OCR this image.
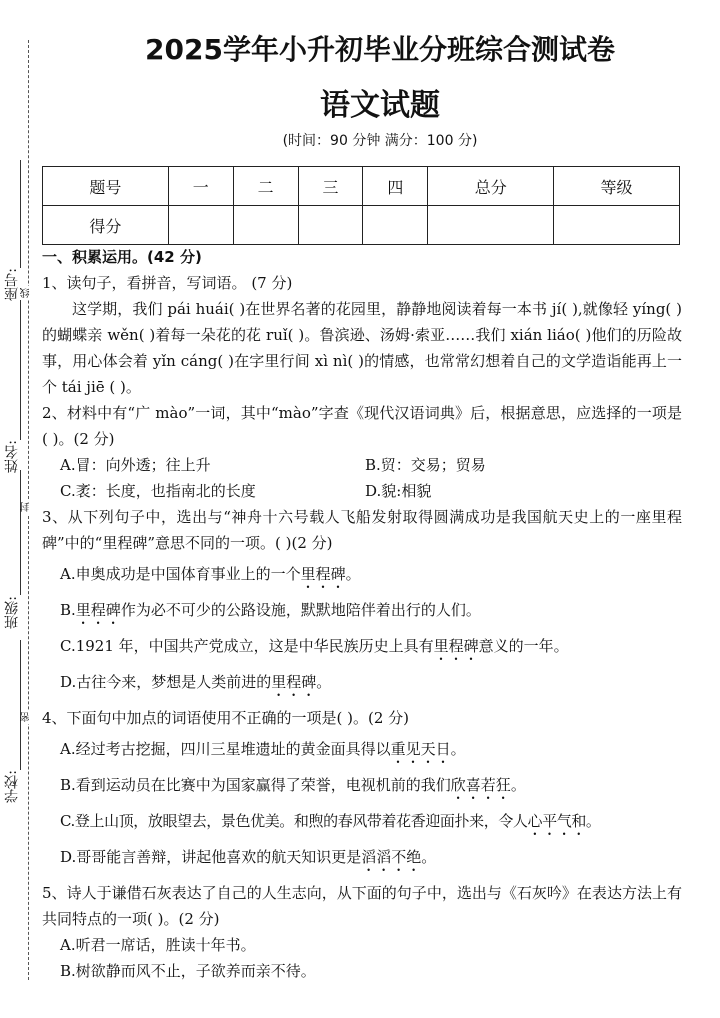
学校:
班级:
姓名:
座号:
密
封
线
2025学年小升初毕业分班综合测试卷
语文试题
(时间：90 分钟 满分：100 分)
题号	一	二	三	四	总分	等级
得分						

一、积累运用。(42 分)

1、读句子，看拼音，写词语。 (7 分)

这学期，我们 pái huái( )在世界名著的花园里，静静地阅读着每一本书 jí( ),就像轻 yíng( )的蝴蝶亲 wěn( )着每一朵花的花 ruǐ( )。鲁滨逊、汤姆·索亚……我们 xián liáo( )他们的历险故事，用心体会着 yǐn cáng( )在字里行间 xì nì( )的情感，也常常幻想着自己的文学造诣能再上一个 tái jiē ( )。

2、材料中有“广 mào”一词，其中“mào”字查《现代汉语词典》后，根据意思，应选择的一项是( )。(2 分)

A.冒：向外透；往上升	B.贸：交易；贸易
C.袤：长度，也指南北的长度	D.貌:相貌

3、从下列句子中，选出与“神舟十六号载人飞船发射取得圆满成功是我国航天史上的一座里程碑”中的“里程碑”意思不同的一项。( )(2 分)

A.申奥成功是中国体育事业上的一个里程碑。

B.里程碑作为必不可少的公路设施，默默地陪伴着出行的人们。

C.1921 年，中国共产党成立，这是中华民族历史上具有里程碑意义的一年。

D.古往今来，梦想是人类前进的里程碑。

4、下面句中加点的词语使用不正确的一项是( )。(2 分)

A.经过考古挖掘，四川三星堆遗址的黄金面具得以重见天日。

B.看到运动员在比赛中为国家赢得了荣誉，电视机前的我们欣喜若狂。

C.登上山顶，放眼望去，景色优美。和煦的春风带着花香迎面扑来，令人心平气和。

D.哥哥能言善辩，讲起他喜欢的航天知识更是滔滔不绝。

5、诗人于谦借石灰表达了自己的人生志向，从下面的句子中，选出与《石灰吟》在表达方法上有共同特点的一项( )。(2 分)

A.听君一席话，胜读十年书。

B.树欲静而风不止，子欲养而亲不待。
